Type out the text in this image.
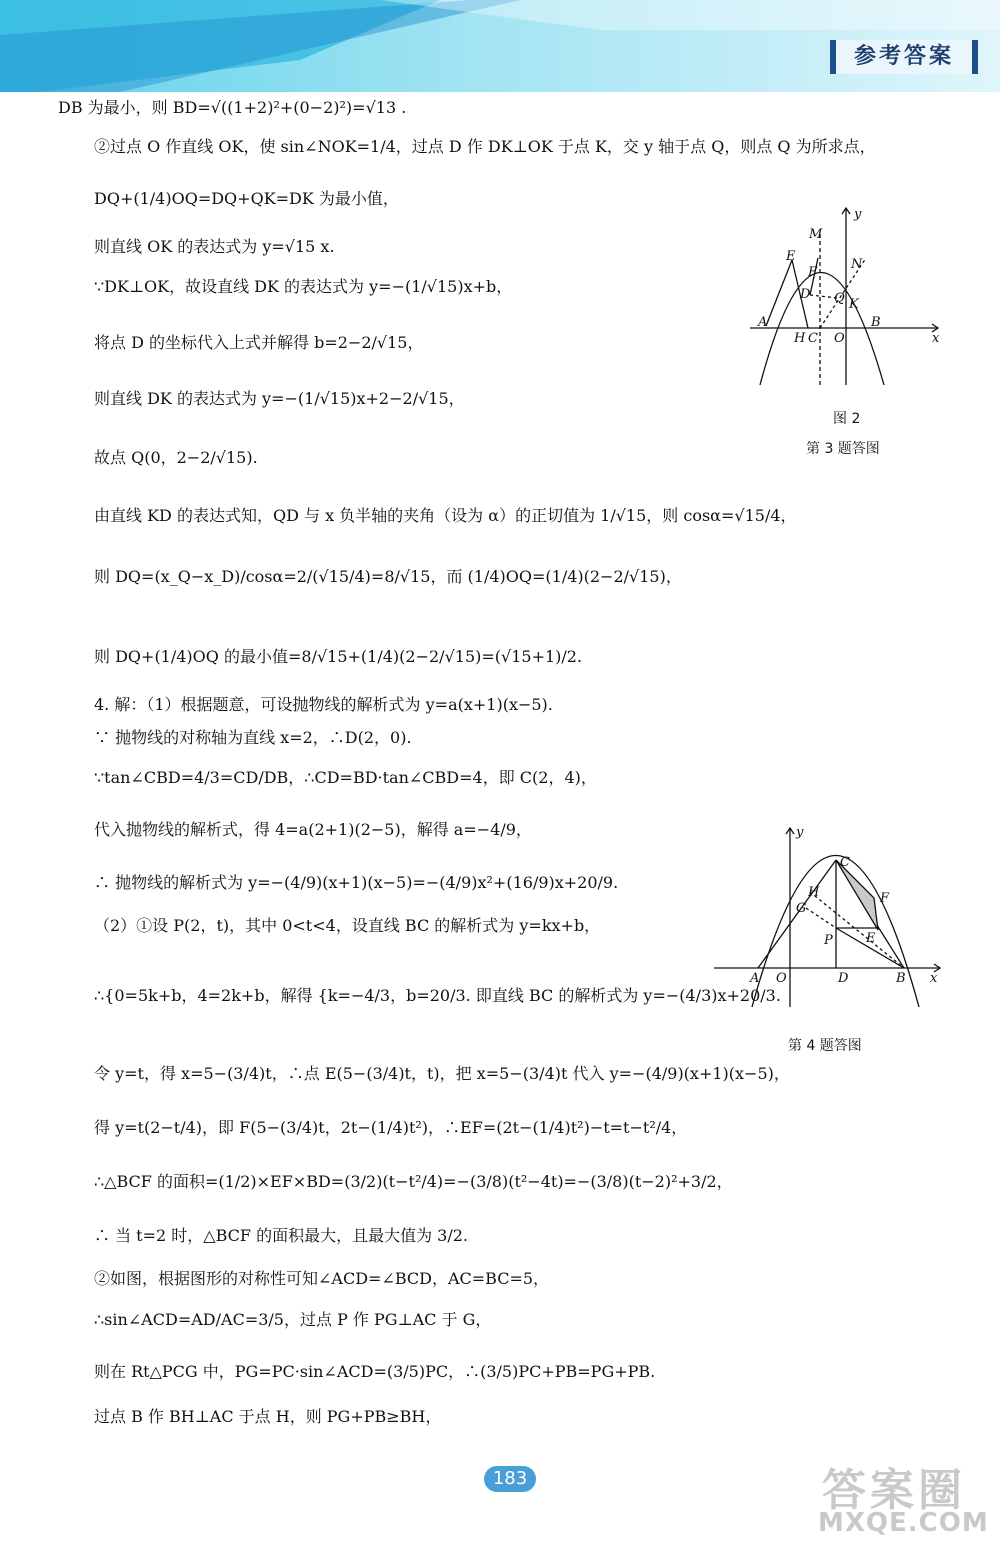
参考答案
DB 为最小，则 BD=√((1+2)²+(0−2)²)=√13 .
②过点 O 作直线 OK，使 sin∠NOK=1/4，过点 D 作 DK⊥OK 于点 K，交 y 轴于点 Q，则点 Q 为所求点，
DQ+(1/4)OQ=DQ+QK=DK 为最小值，
则直线 OK 的表达式为 y=√15 x.
∵DK⊥OK，故设直线 DK 的表达式为 y=−(1/√15)x+b，
将点 D 的坐标代入上式并解得 b=2−2/√15，
则直线 DK 的表达式为 y=−(1/√15)x+2−2/√15，
故点 Q(0，2−2/√15).
由直线 KD 的表达式知，QD 与 x 负半轴的夹角（设为 α）的正切值为 1/√15，则 cosα=√15/4，
则 DQ=(x_Q−x_D)/cosα=2/(√15/4)=8/√15，而 (1/4)OQ=(1/4)(2−2/√15)，
则 DQ+(1/4)OQ 的最小值=8/√15+(1/4)(2−2/√15)=(√15+1)/2.
4. 解：（1）根据题意，可设抛物线的解析式为 y=a(x+1)(x−5).
∵ 抛物线的对称轴为直线 x=2，∴D(2，0).
∵tan∠CBD=4/3=CD/DB，∴CD=BD·tan∠CBD=4，即 C(2，4)，
代入抛物线的解析式，得 4=a(2+1)(2−5)，解得 a=−4/9，
∴ 抛物线的解析式为 y=−(4/9)(x+1)(x−5)=−(4/9)x²+(16/9)x+20/9.
（2）①设 P(2，t)，其中 0<t<4，设直线 BC 的解析式为 y=kx+b，
∴{0=5k+b，4=2k+b，解得 {k=−4/3，b=20/3. 即直线 BC 的解析式为 y=−(4/3)x+20/3.
令 y=t，得 x=5−(3/4)t，∴点 E(5−(3/4)t，t)，把 x=5−(3/4)t 代入 y=−(4/9)(x+1)(x−5)，
得 y=t(2−t/4)，即 F(5−(3/4)t，2t−(1/4)t²)，∴EF=(2t−(1/4)t²)−t=t−t²/4，
∴△BCF 的面积=(1/2)×EF×BD=(3/2)(t−t²/4)=−(3/8)(t²−4t)=−(3/8)(t−2)²+3/2，
∴ 当 t=2 时，△BCF 的面积最大，且最大值为 3/2.
②如图，根据图形的对称性可知∠ACD=∠BCD，AC=BC=5，
∴sin∠ACD=AD/AC=3/5，过点 P 作 PG⊥AC 于 G，
则在 Rt△PCG 中，PG=PC·sin∠ACD=(3/5)PC，∴(3/5)PC+PB=PG+PB.
过点 B 作 BH⊥AC 于点 H，则 PG+PB≥BH，
y
M
E
F
N
D Q K
A
H C O
B
x
图 2
第 3 题答图
y
C
H	F
G
P	E
A O	D	B x
第 4 题答图
183	答案圈
MXQE.COM
